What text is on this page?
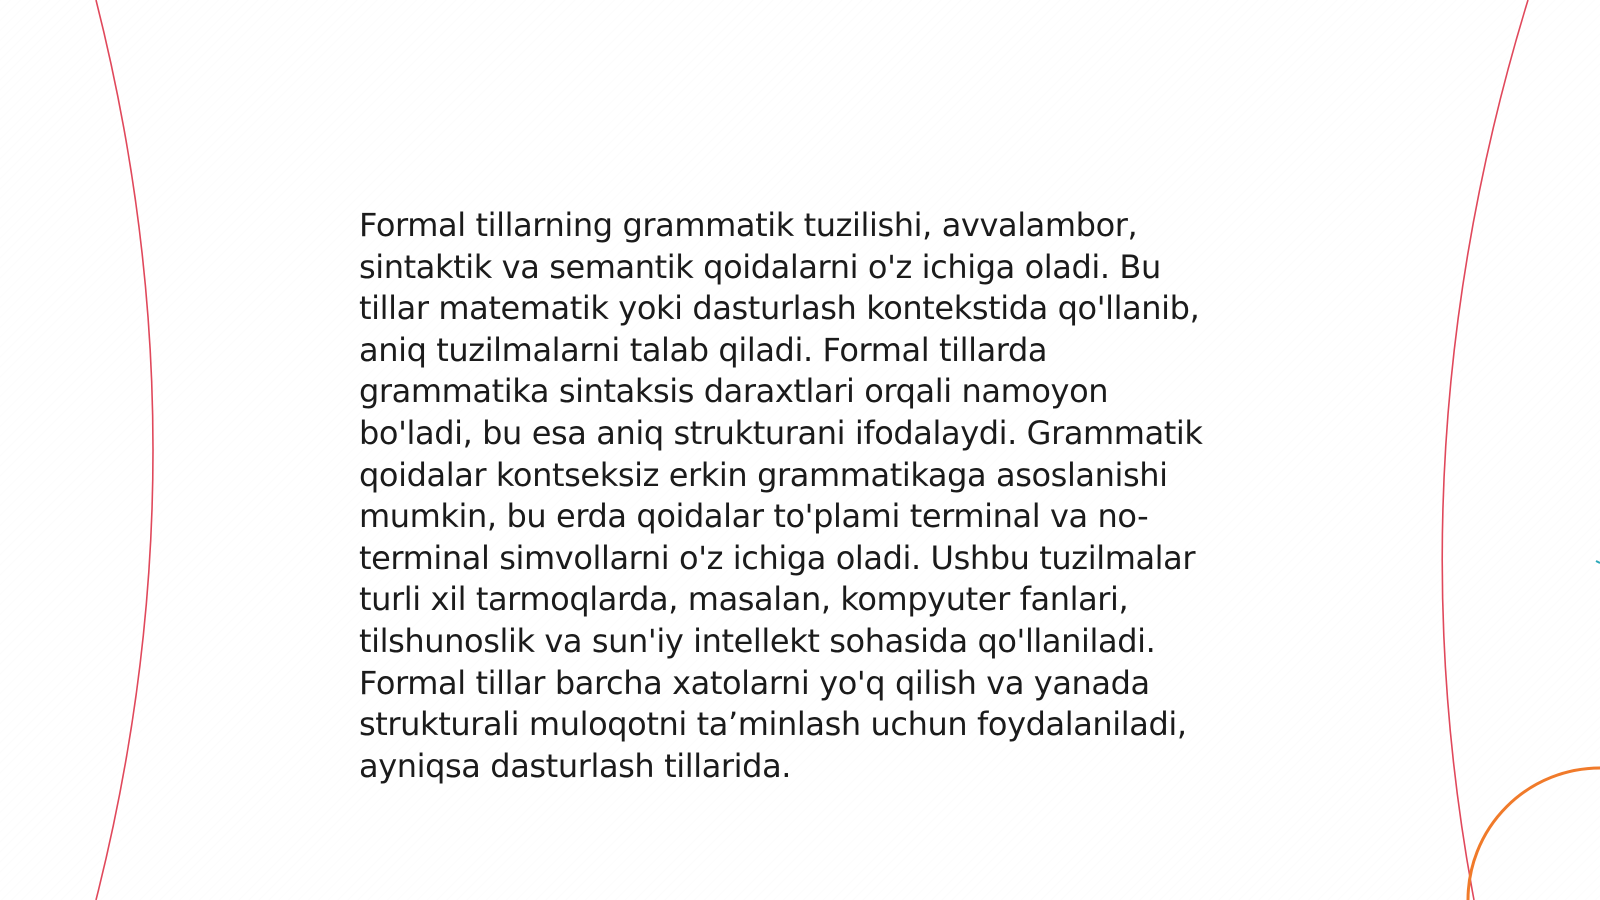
Formal tillarning grammatik tuzilishi, avvalambor,
sintaktik va semantik qoidalarni o'z ichiga oladi. Bu
tillar matematik yoki dasturlash kontekstida qo'llanib,
aniq tuzilmalarni talab qiladi. Formal tillarda
grammatika sintaksis daraxtlari orqali namoyon
bo'ladi, bu esa aniq strukturani ifodalaydi. Grammatik
qoidalar kontseksiz erkin grammatikaga asoslanishi
mumkin, bu erda qoidalar to'plami terminal va no-
terminal simvollarni o'z ichiga oladi. Ushbu tuzilmalar
turli xil tarmoqlarda, masalan, kompyuter fanlari,
tilshunoslik va sun'iy intellekt sohasida qo'llaniladi.
Formal tillar barcha xatolarni yo'q qilish va yanada
strukturali muloqotni ta’minlash uchun foydalaniladi,
ayniqsa dasturlash tillarida.
